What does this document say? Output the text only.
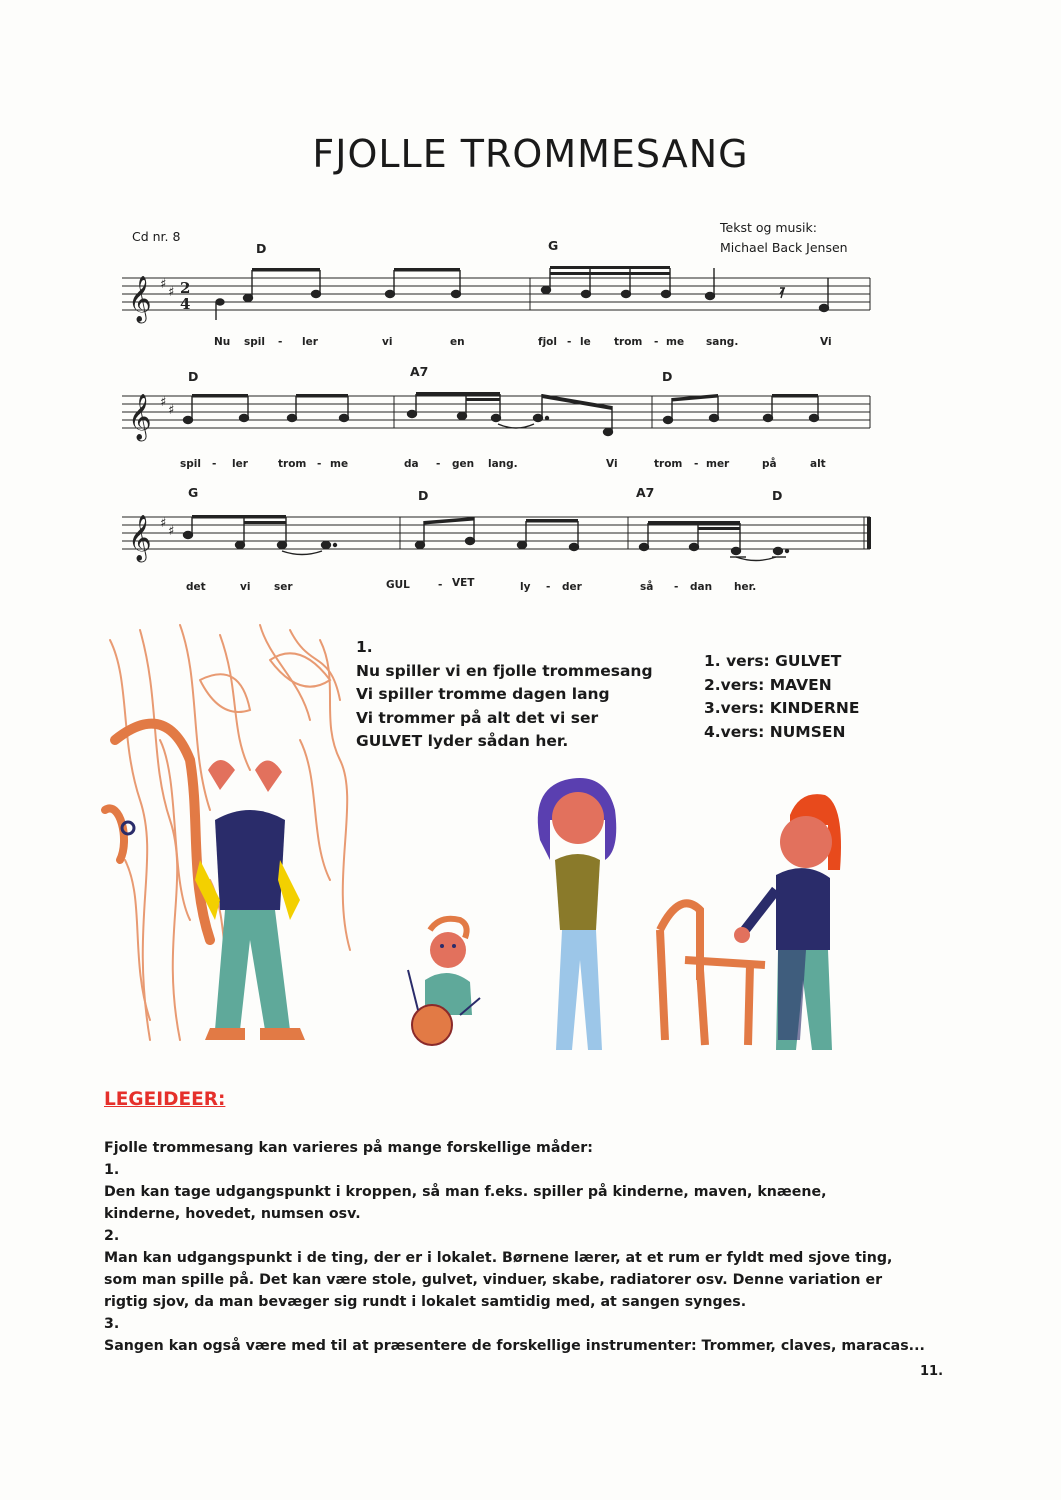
FJOLLE TROMMESANG
Cd nr. 8
Tekst og musik:
Michael Back Jensen
𝄞
𝄞
𝄞
♯
♯
♯
♯
♯
♯
2
4
D	G
D	A7	D
G	D	A7	D
Nu spil - ler	vi	en	fjol - le trom - me sang.	Vi
spil - ler	trom - me	da - gen lang.	Vi	trom - mer	på	alt
det	vi ser	GUL	- VET	ly - der	så - dan her.
1.
Nu spiller vi en fjolle trommesang
Vi spiller tromme dagen lang
Vi trommer på alt det vi ser
GULVET lyder sådan her.
1. vers: GULVET
2.vers: MAVEN
3.vers: KINDERNE
4.vers: NUMSEN
LEGEIDEER:
Fjolle trommesang kan varieres på mange forskellige måder:
1.
Den kan tage udgangspunkt i kroppen, så man f.eks. spiller på kinderne, maven, knæene,
kinderne, hovedet, numsen osv.
2.
Man kan udgangspunkt i de ting, der er i lokalet. Børnene lærer, at et rum er fyldt med sjove ting,
som man spille på. Det kan være stole, gulvet, vinduer, skabe, radiatorer osv. Denne variation er
rigtig sjov, da man bevæger sig rundt i lokalet samtidig med, at sangen synges.
3.
Sangen kan også være med til at præsentere de forskellige instrumenter: Trommer, claves, maracas...
11.
